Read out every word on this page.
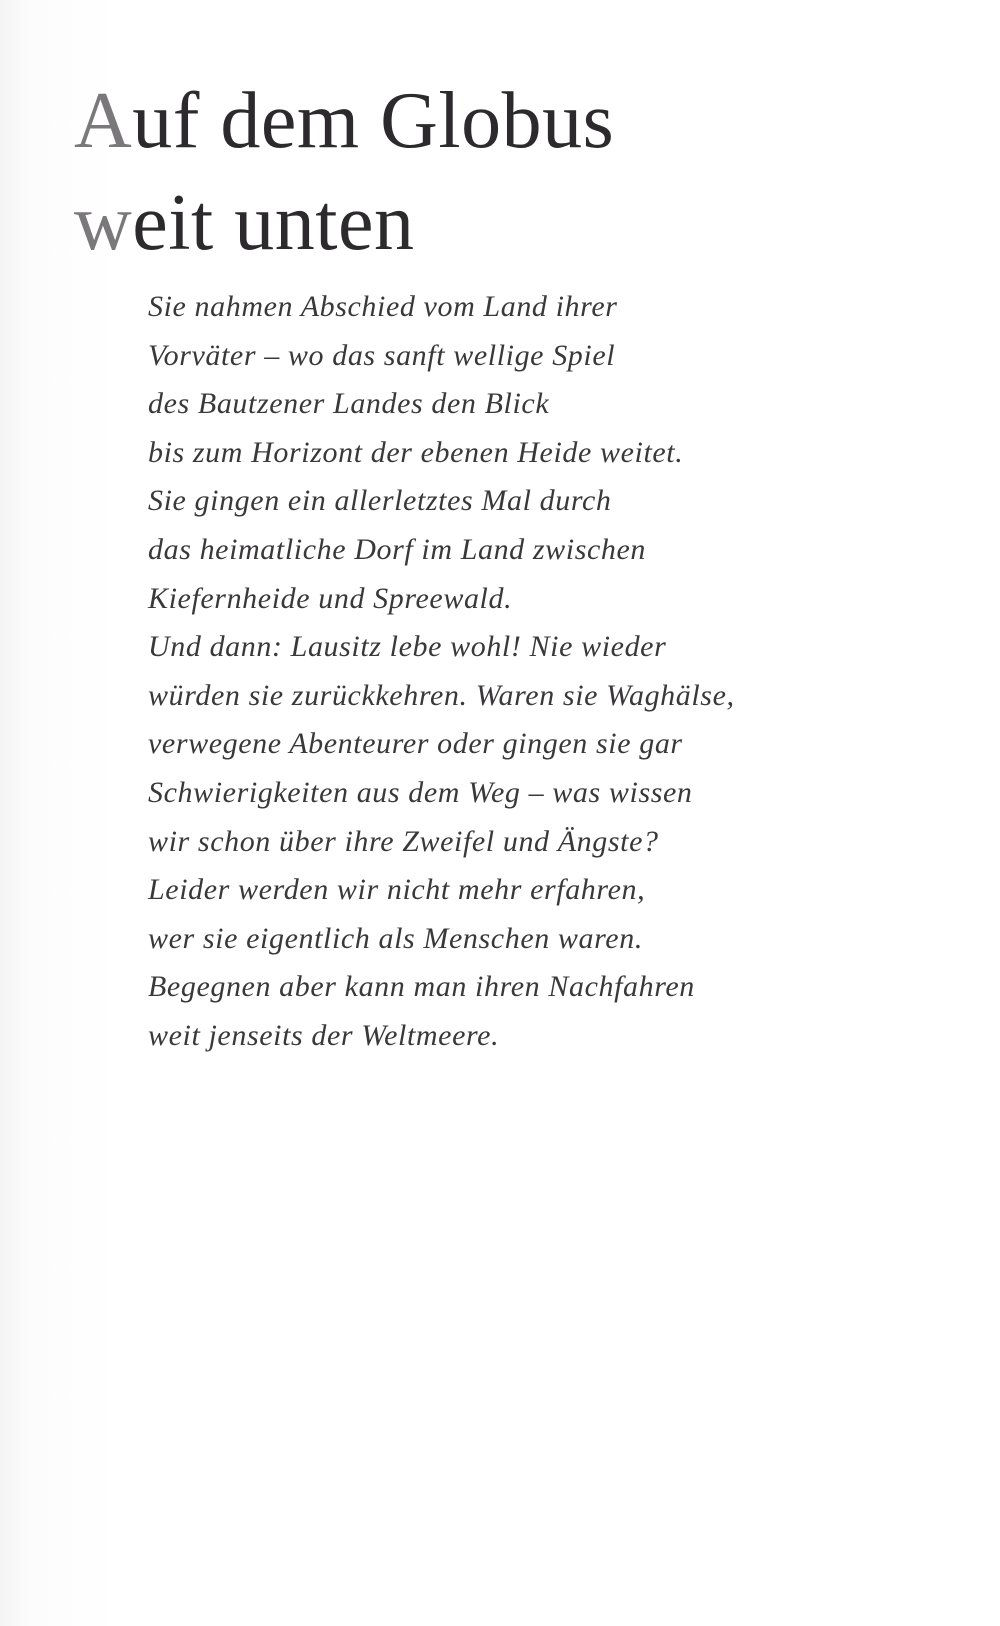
Auf dem Globus
weit unten
Sie nahmen Abschied vom Land ihrer
Vorväter – wo das sanft wellige Spiel
des Bautzener Landes den Blick
bis zum Horizont der ebenen Heide weitet.
Sie gingen ein allerletztes Mal durch
das heimatliche Dorf im Land zwischen
Kiefernheide und Spreewald.
Und dann: Lausitz lebe wohl! Nie wieder
würden sie zurückkehren. Waren sie Waghälse,
verwegene Abenteurer oder gingen sie gar
Schwierigkeiten aus dem Weg – was wissen
wir schon über ihre Zweifel und Ängste?
Leider werden wir nicht mehr erfahren,
wer sie eigentlich als Menschen waren.
Begegnen aber kann man ihren Nachfahren
weit jenseits der Weltmeere.
